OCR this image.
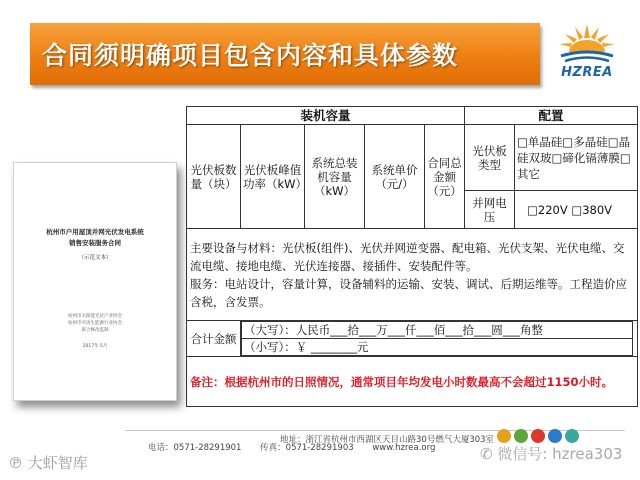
合同须明确项目包含内容和具体参数
HZREA
杭州市户用屋顶并网光伏发电系统
销售安装服务合同
（示范文本）
杭州市太阳能光伏产业协会
杭州市可再生能源行业协会
联合修改监制
2017年 5月
装机容量	配置
光伏板数量（块）	光伏板峰值功率（kW）	系统总装机容量（kW）	系统单价（元/）	合同总金额（元）	光伏板类型	□单晶硅□多晶硅□晶硅双玻□碲化镉薄膜□其它
并网电压	□220V □380V

主要设备与材料：光伏板(组件)、光伏并网逆变器、配电箱、光伏支架、光伏电缆、交流电缆、接地电缆、光伏连接器、接插件、安装配件等。
服务：电站设计，容量计算，设备辅料的运输、安装、调试、后期运维等。工程造价应含税，含发票。

合计金额	
（大写）：人民币___拾___万___仟___佰___拾___圆___角整
（小写）：￥ ________元

备注：根据杭州市的日照情况，通常项目年均发电小时数最高不会超过1150小时。
地址：浙江省杭州市西湖区天目山路30号燃气大厦303室
电话：0571-28291901 传真：0571-28291903 www.hzrea.org
℗ 大虾智库	✆ 微信号: hzrea303
